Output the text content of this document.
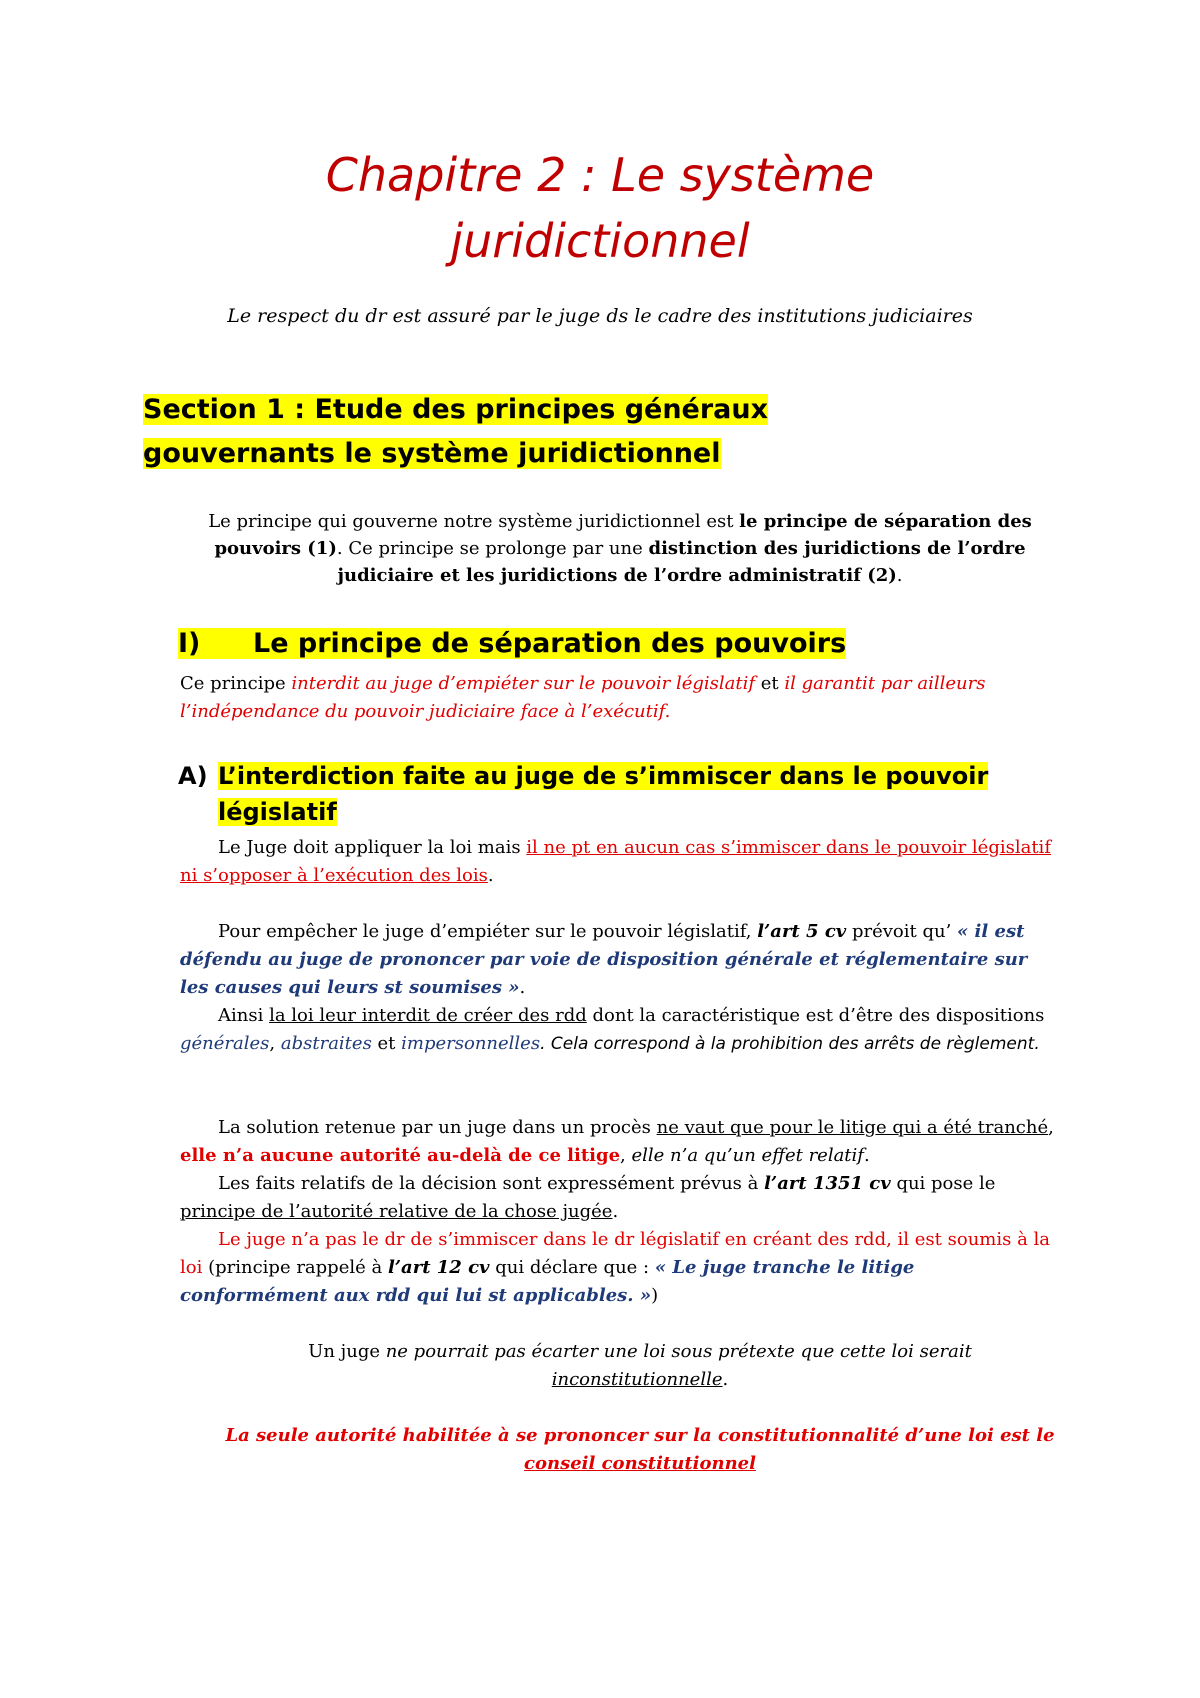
Chapitre 2 : Le système
juridictionnel

Le respect du dr est assuré par le juge ds le cadre des institutions judiciaires

Section 1 : Etude des principes généraux
gouvernants le système juridictionnel

Le principe qui gouverne notre système juridictionnel est le principe de séparation des pouvoirs (1). Ce principe se prolonge par une distinction des juridictions de l’ordre judiciaire et les juridictions de l’ordre administratif (2).

I) Le principe de séparation des pouvoirs

Ce principe interdit au juge d’empiéter sur le pouvoir législatif et il garantit par ailleurs l’indépendance du pouvoir judiciaire face à l’exécutif.

A) L’interdiction faite au juge de s’immiscer dans le pouvoir législatif

Le Juge doit appliquer la loi mais il ne pt en aucun cas s’immiscer dans le pouvoir législatif ni s’opposer à l’exécution des lois.

Pour empêcher le juge d’empiéter sur le pouvoir législatif, l’art 5 cv prévoit qu’ « il est défendu au juge de prononcer par voie de disposition générale et réglementaire sur les causes qui leurs st soumises ».

Ainsi la loi leur interdit de créer des rdd dont la caractéristique est d’être des dispositions générales, abstraites et impersonnelles. Cela correspond à la prohibition des arrêts de règlement.

La solution retenue par un juge dans un procès ne vaut que pour le litige qui a été tranché, elle n’a aucune autorité au-delà de ce litige, elle n’a qu’un effet relatif.

Les faits relatifs de la décision sont expressément prévus à l’art 1351 cv qui pose le principe de l’autorité relative de la chose jugée.

Le juge n’a pas le dr de s’immiscer dans le dr législatif en créant des rdd, il est soumis à la loi (principe rappelé à l’art 12 cv qui déclare que : « Le juge tranche le litige conformément aux rdd qui lui st applicables. »)

Un juge ne pourrait pas écarter une loi sous prétexte que cette loi serait inconstitutionnelle.

La seule autorité habilitée à se prononcer sur la constitutionnalité d’une loi est le conseil constitutionnel
